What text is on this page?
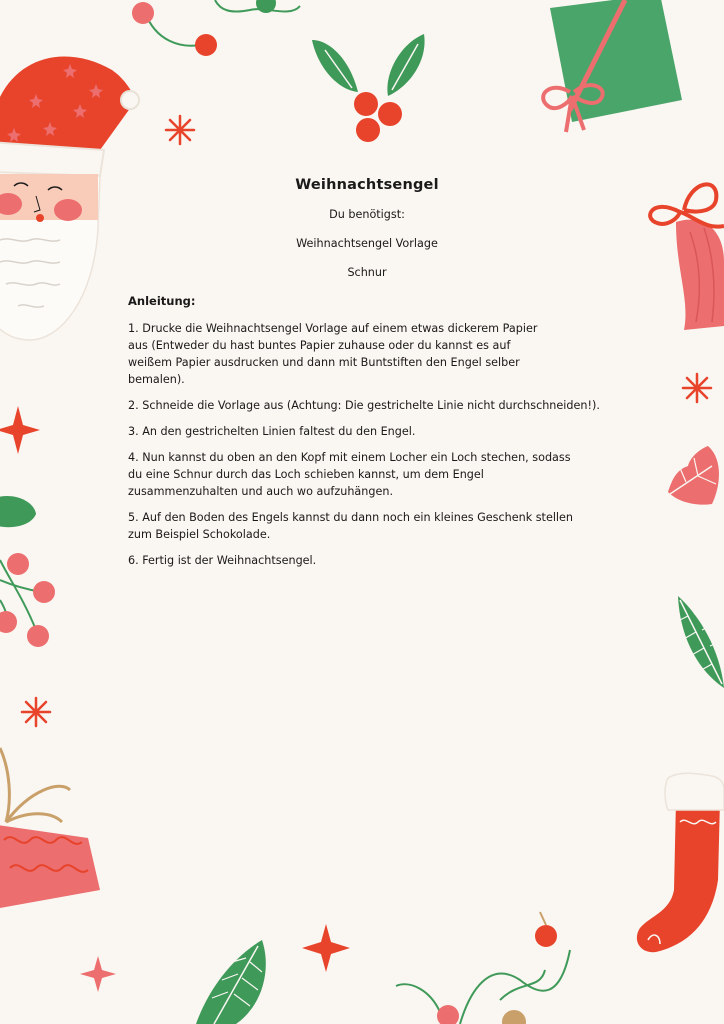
Weihnachtsengel
Du benötigst:
Weihnachtsengel Vorlage
Schnur
Anleitung:
1. Drucke die Weihnachtsengel Vorlage auf einem etwas dickerem Papier aus (Entweder du hast buntes Papier zuhause oder du kannst es auf weißem Papier ausdrucken und dann mit Buntstiften den Engel selber bemalen).
2. Schneide die Vorlage aus (Achtung: Die gestrichelte Linie nicht durchschneiden!).
3. An den gestrichelten Linien faltest du den Engel.
4. Nun kannst du oben an den Kopf mit einem Locher ein Loch stechen, sodass du eine Schnur durch das Loch schieben kannst, um dem Engel zusammenzuhalten und auch wo aufzuhängen.
5. Auf den Boden des Engels kannst du dann noch ein kleines Geschenk stellen zum Beispiel Schokolade.
6. Fertig ist der Weihnachtsengel.
